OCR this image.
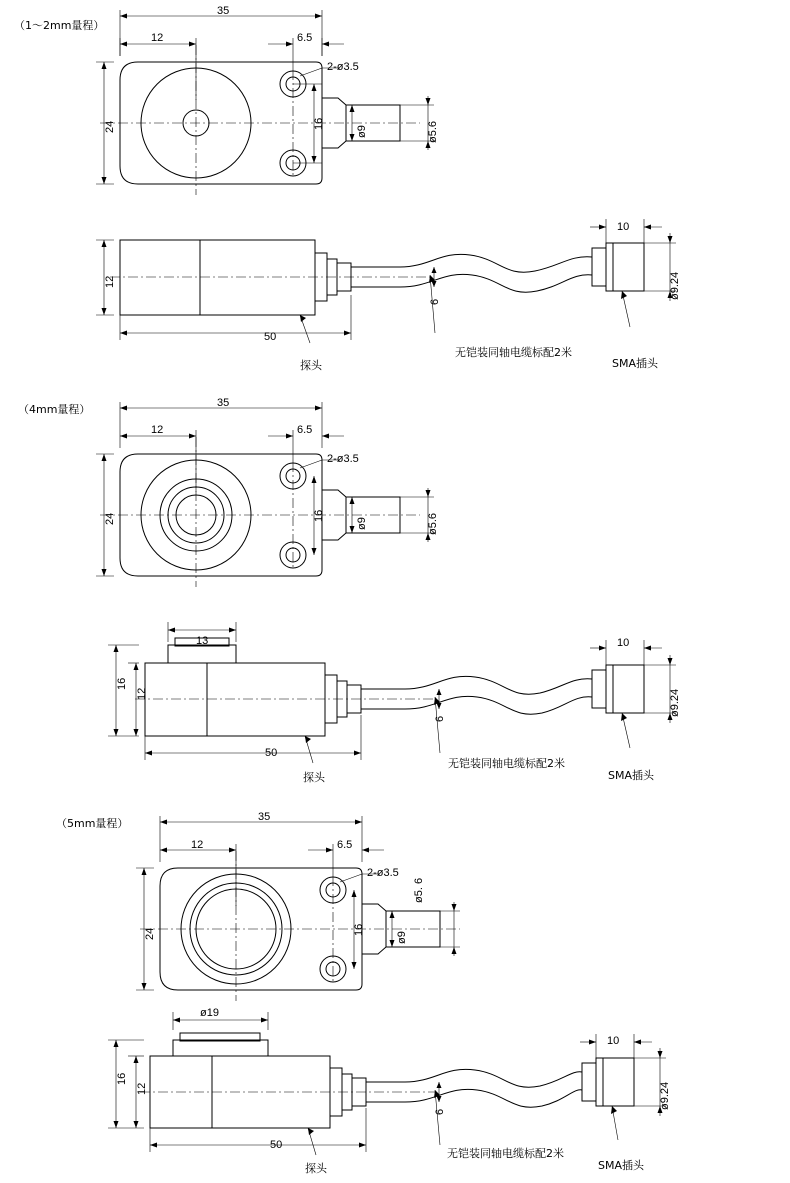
（1～2mm量程）
35
12	6.5
24	16
2-ø3.5
ø9	ø5.6
12
50
探头
无铠装同轴电缆标配2米
SMA插头
10
ø9.24
6
（4mm量程）	35
12	6.5
24	16
2-ø3.5
ø9	ø5.6
13
16
12
50
探头
无铠装同轴电缆标配2米
SMA插头
10
ø9.24
6
（5mm量程）	35
12	6.5
24	16
2-ø3.5
ø9
ø5. 6
ø19
16
12
50
探头
无铠装同轴电缆标配2米
SMA插头
10
ø9.24
6
